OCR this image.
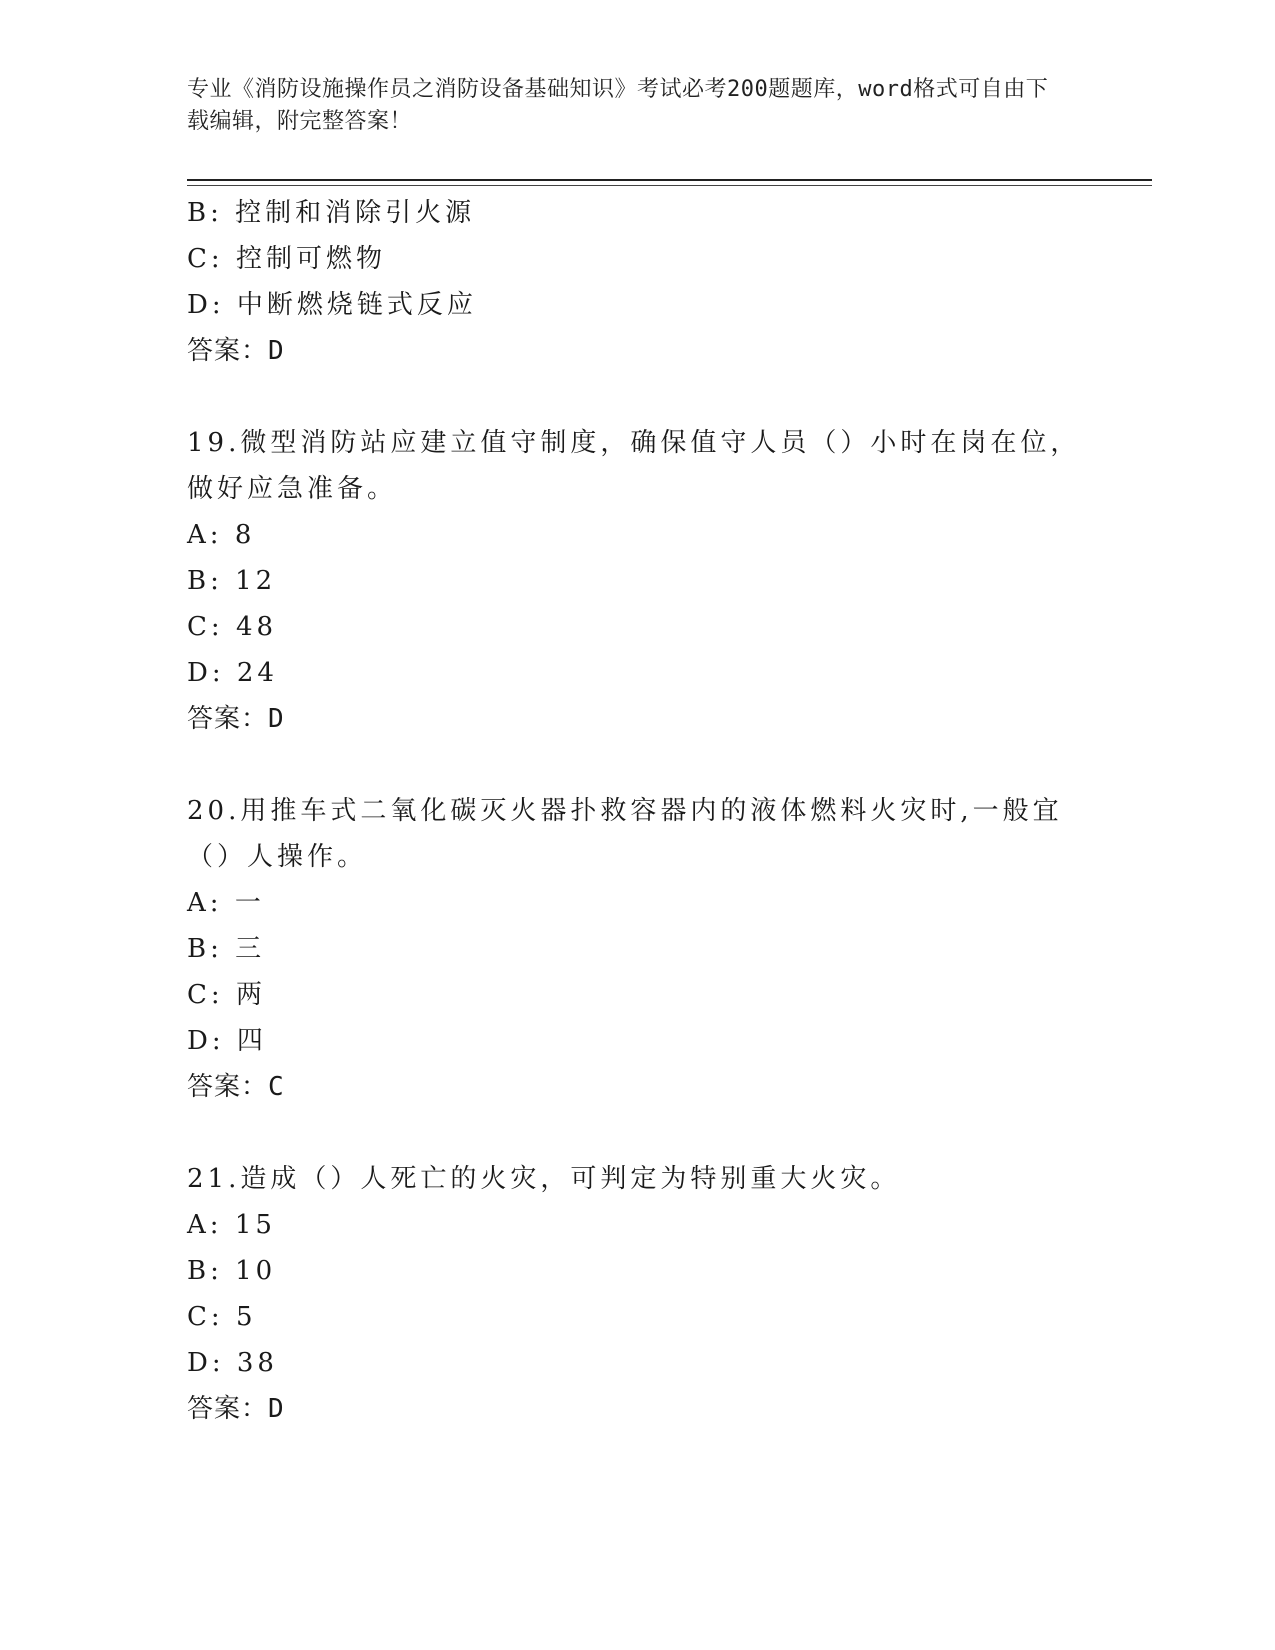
专业《消防设施操作员之消防设备基础知识》考试必考200题题库，word格式可自由下载编辑，附完整答案！
B: 控制和消除引火源
C: 控制可燃物
D: 中断燃烧链式反应
答案：D
19.微型消防站应建立值守制度，确保值守人员（）小时在岗在位，做好应急准备。
A: 8
B: 12
C: 48
D: 24
答案：D
20.用推车式二氧化碳灭火器扑救容器内的液体燃料火灾时,一般宜（）人操作。
A: 一
B: 三
C: 两
D: 四
答案：C
21.造成（）人死亡的火灾，可判定为特别重大火灾。
A: 15
B: 10
C: 5
D: 38
答案：D
